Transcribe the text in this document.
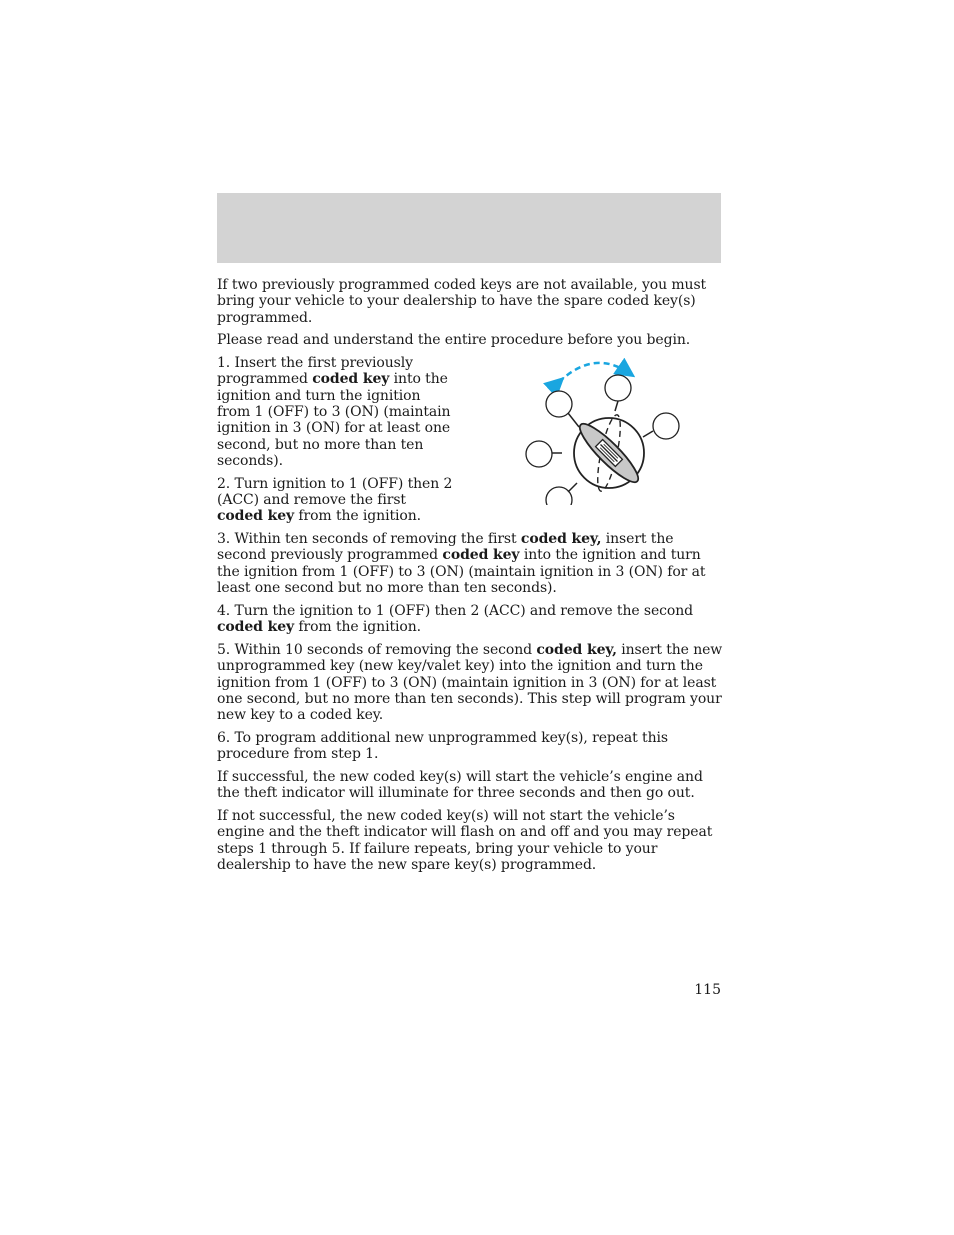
If two previously programmed coded keys are not available, you must bring your vehicle to your dealership to have the spare coded key(s) programmed.

Please read and understand the entire procedure before you begin.

1. Insert the first previously programmed coded key into the ignition and turn the ignition from 1 (OFF) to 3 (ON) (maintain ignition in 3 (ON) for at least one second, but no more than ten seconds).

2. Turn ignition to 1 (OFF) then 2 (ACC) and remove the first coded key from the ignition.

3. Within ten seconds of removing the first coded key, insert the second previously programmed coded key into the ignition and turn the ignition from 1 (OFF) to 3 (ON) (maintain ignition in 3 (ON) for at least one second but no more than ten seconds).

4. Turn the ignition to 1 (OFF) then 2 (ACC) and remove the second coded key from the ignition.

5. Within 10 seconds of removing the second coded key, insert the new unprogrammed key (new key/valet key) into the ignition and turn the ignition from 1 (OFF) to 3 (ON) (maintain ignition in 3 (ON) for at least one second, but no more than ten seconds). This step will program your new key to a coded key.

6. To program additional new unprogrammed key(s), repeat this procedure from step 1.

If successful, the new coded key(s) will start the vehicle’s engine and the theft indicator will illuminate for three seconds and then go out.

If not successful, the new coded key(s) will not start the vehicle’s engine and the theft indicator will flash on and off and you may repeat steps 1 through 5. If failure repeats, bring your vehicle to your dealership to have the new spare key(s) programmed.

115
